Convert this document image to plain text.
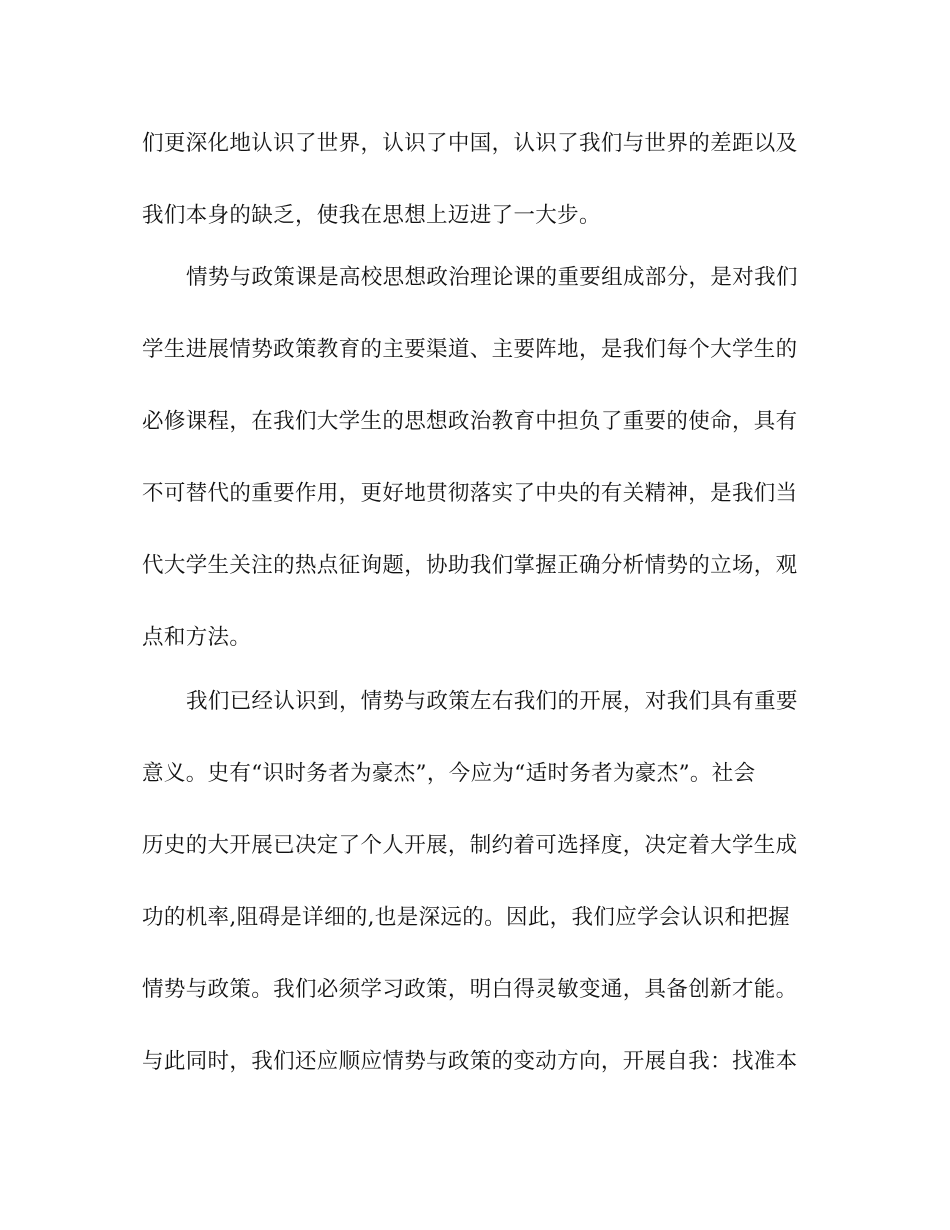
们更深化地认识了世界，认识了中国，认识了我们与世界的差距以及
我们本身的缺乏，使我在思想上迈进了一大步。
情势与政策课是高校思想政治理论课的重要组成部分，是对我们
学生进展情势政策教育的主要渠道、主要阵地，是我们每个大学生的
必修课程，在我们大学生的思想政治教育中担负了重要的使命，具有
不可替代的重要作用，更好地贯彻落实了中央的有关精神，是我们当
代大学生关注的热点征询题，协助我们掌握正确分析情势的立场，观
点和方法。
我们已经认识到，情势与政策左右我们的开展，对我们具有重要
意义。史有“识时务者为豪杰”，今应为“适时务者为豪杰”。社会
历史的大开展已决定了个人开展，制约着可选择度，决定着大学生成
功的机率,阻碍是详细的,也是深远的。因此，我们应学会认识和把握
情势与政策。我们必须学习政策，明白得灵敏变通，具备创新才能。
与此同时，我们还应顺应情势与政策的变动方向，开展自我：找准本
